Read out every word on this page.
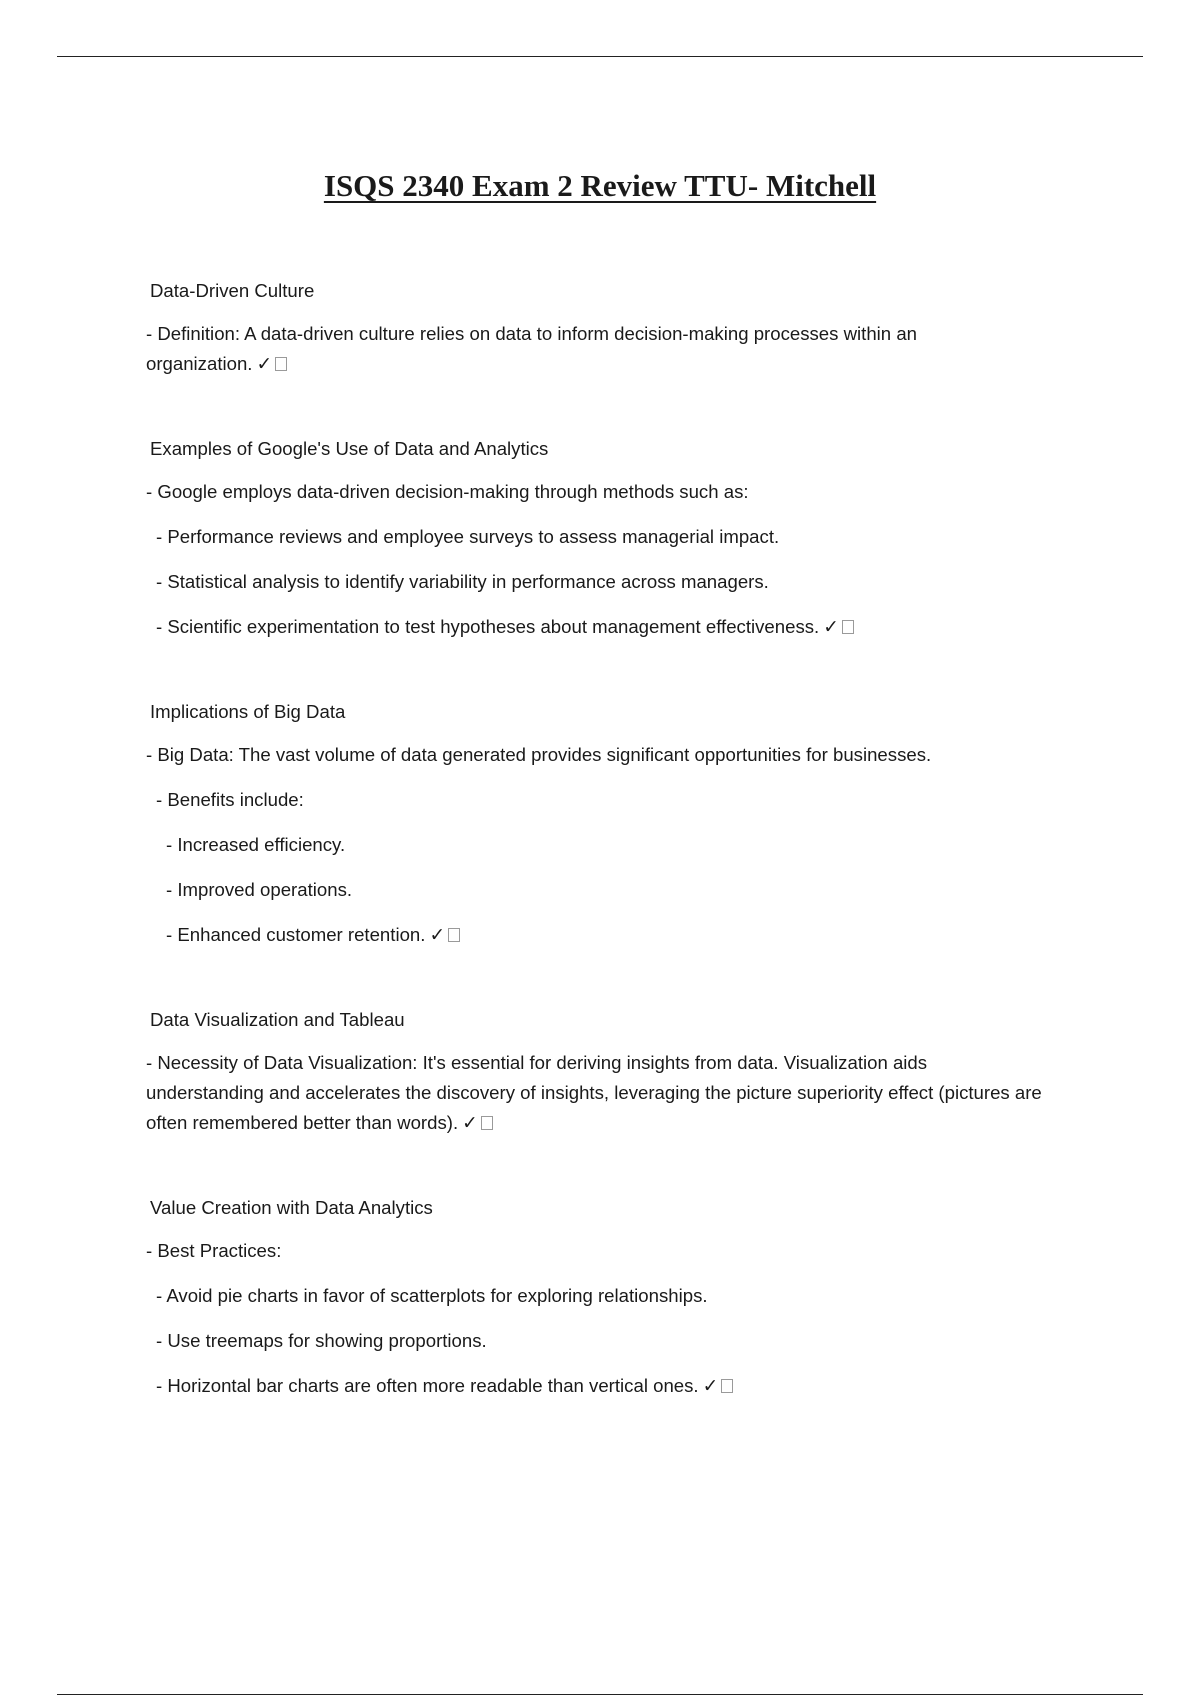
ISQS 2340 Exam 2 Review TTU- Mitchell
Data-Driven Culture
- Definition: A data-driven culture relies on data to inform decision-making processes within an organization. ✓
Examples of Google's Use of Data and Analytics
- Google employs data-driven decision-making through methods such as:
- Performance reviews and employee surveys to assess managerial impact.
- Statistical analysis to identify variability in performance across managers.
- Scientific experimentation to test hypotheses about management effectiveness. ✓
Implications of Big Data
- Big Data: The vast volume of data generated provides significant opportunities for businesses.
- Benefits include:
- Increased efficiency.
- Improved operations.
- Enhanced customer retention. ✓
Data Visualization and Tableau
- Necessity of Data Visualization: It's essential for deriving insights from data. Visualization aids understanding and accelerates the discovery of insights, leveraging the picture superiority effect (pictures are often remembered better than words). ✓
Value Creation with Data Analytics
- Best Practices:
- Avoid pie charts in favor of scatterplots for exploring relationships.
- Use treemaps for showing proportions.
- Horizontal bar charts are often more readable than vertical ones. ✓
